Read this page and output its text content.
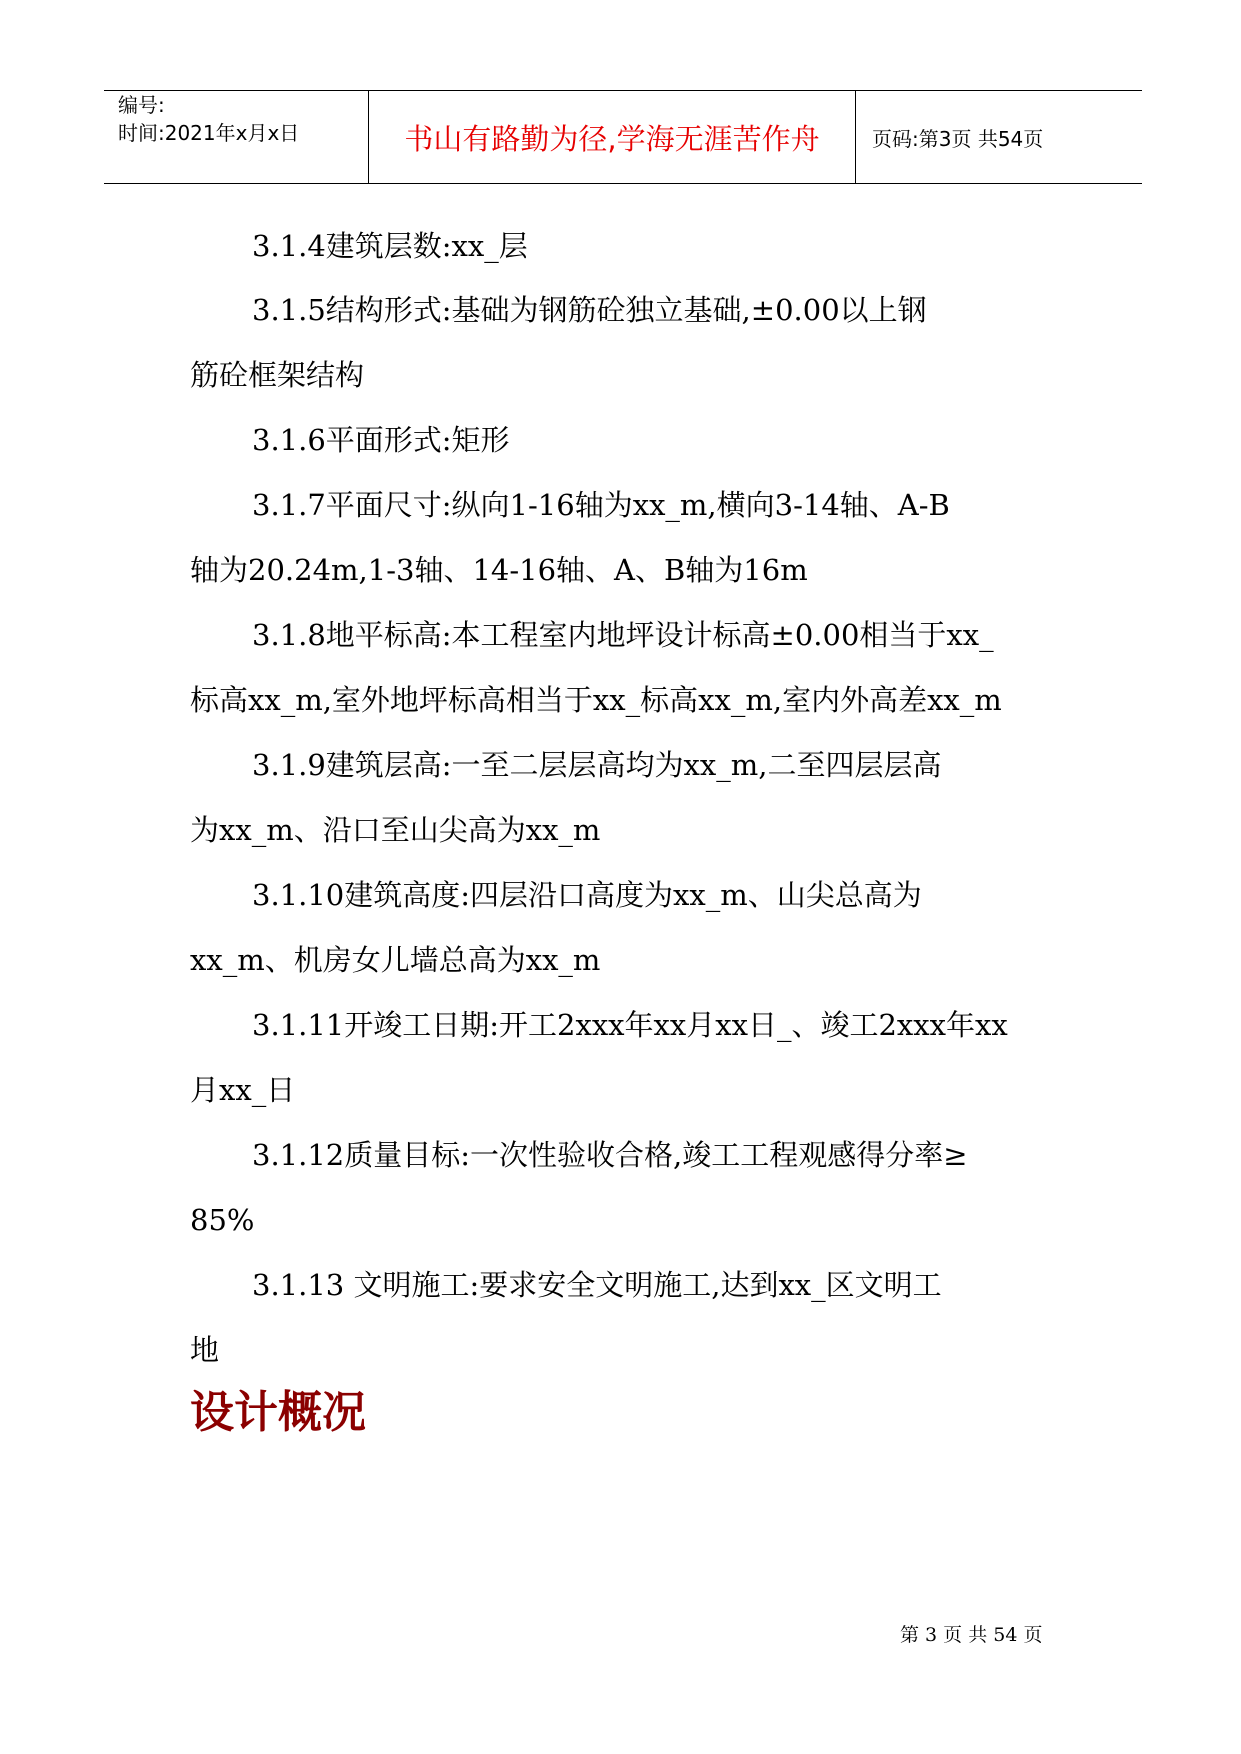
编号:
时间:2021年x月x日	书山有路勤为径,学海无涯苦作舟	页码:第3页 共54页
3.1.4建筑层数:xx_层
3.1.5结构形式:基础为钢筋砼独立基础,±0.00以上钢
筋砼框架结构
3.1.6平面形式:矩形
3.1.7平面尺寸:纵向1-16轴为xx_m,横向3-14轴、A-B
轴为20.24m,1-3轴、14-16轴、A、B轴为16m
3.1.8地平标高:本工程室内地坪设计标高±0.00相当于xx_
标高xx_m,室外地坪标高相当于xx_标高xx_m,室内外高差xx_m
3.1.9建筑层高:一至二层层高均为xx_m,二至四层层高
为xx_m、沿口至山尖高为xx_m
3.1.10建筑高度:四层沿口高度为xx_m、山尖总高为
xx_m、机房女儿墙总高为xx_m
3.1.11开竣工日期:开工2xxx年xx月xx日_、竣工2xxx年xx
月xx_日
3.1.12质量目标:一次性验收合格,竣工工程观感得分率≥
85%
3.1.13 文明施工:要求安全文明施工,达到xx_区文明工
地
设计概况
第 3 页 共 54 页
